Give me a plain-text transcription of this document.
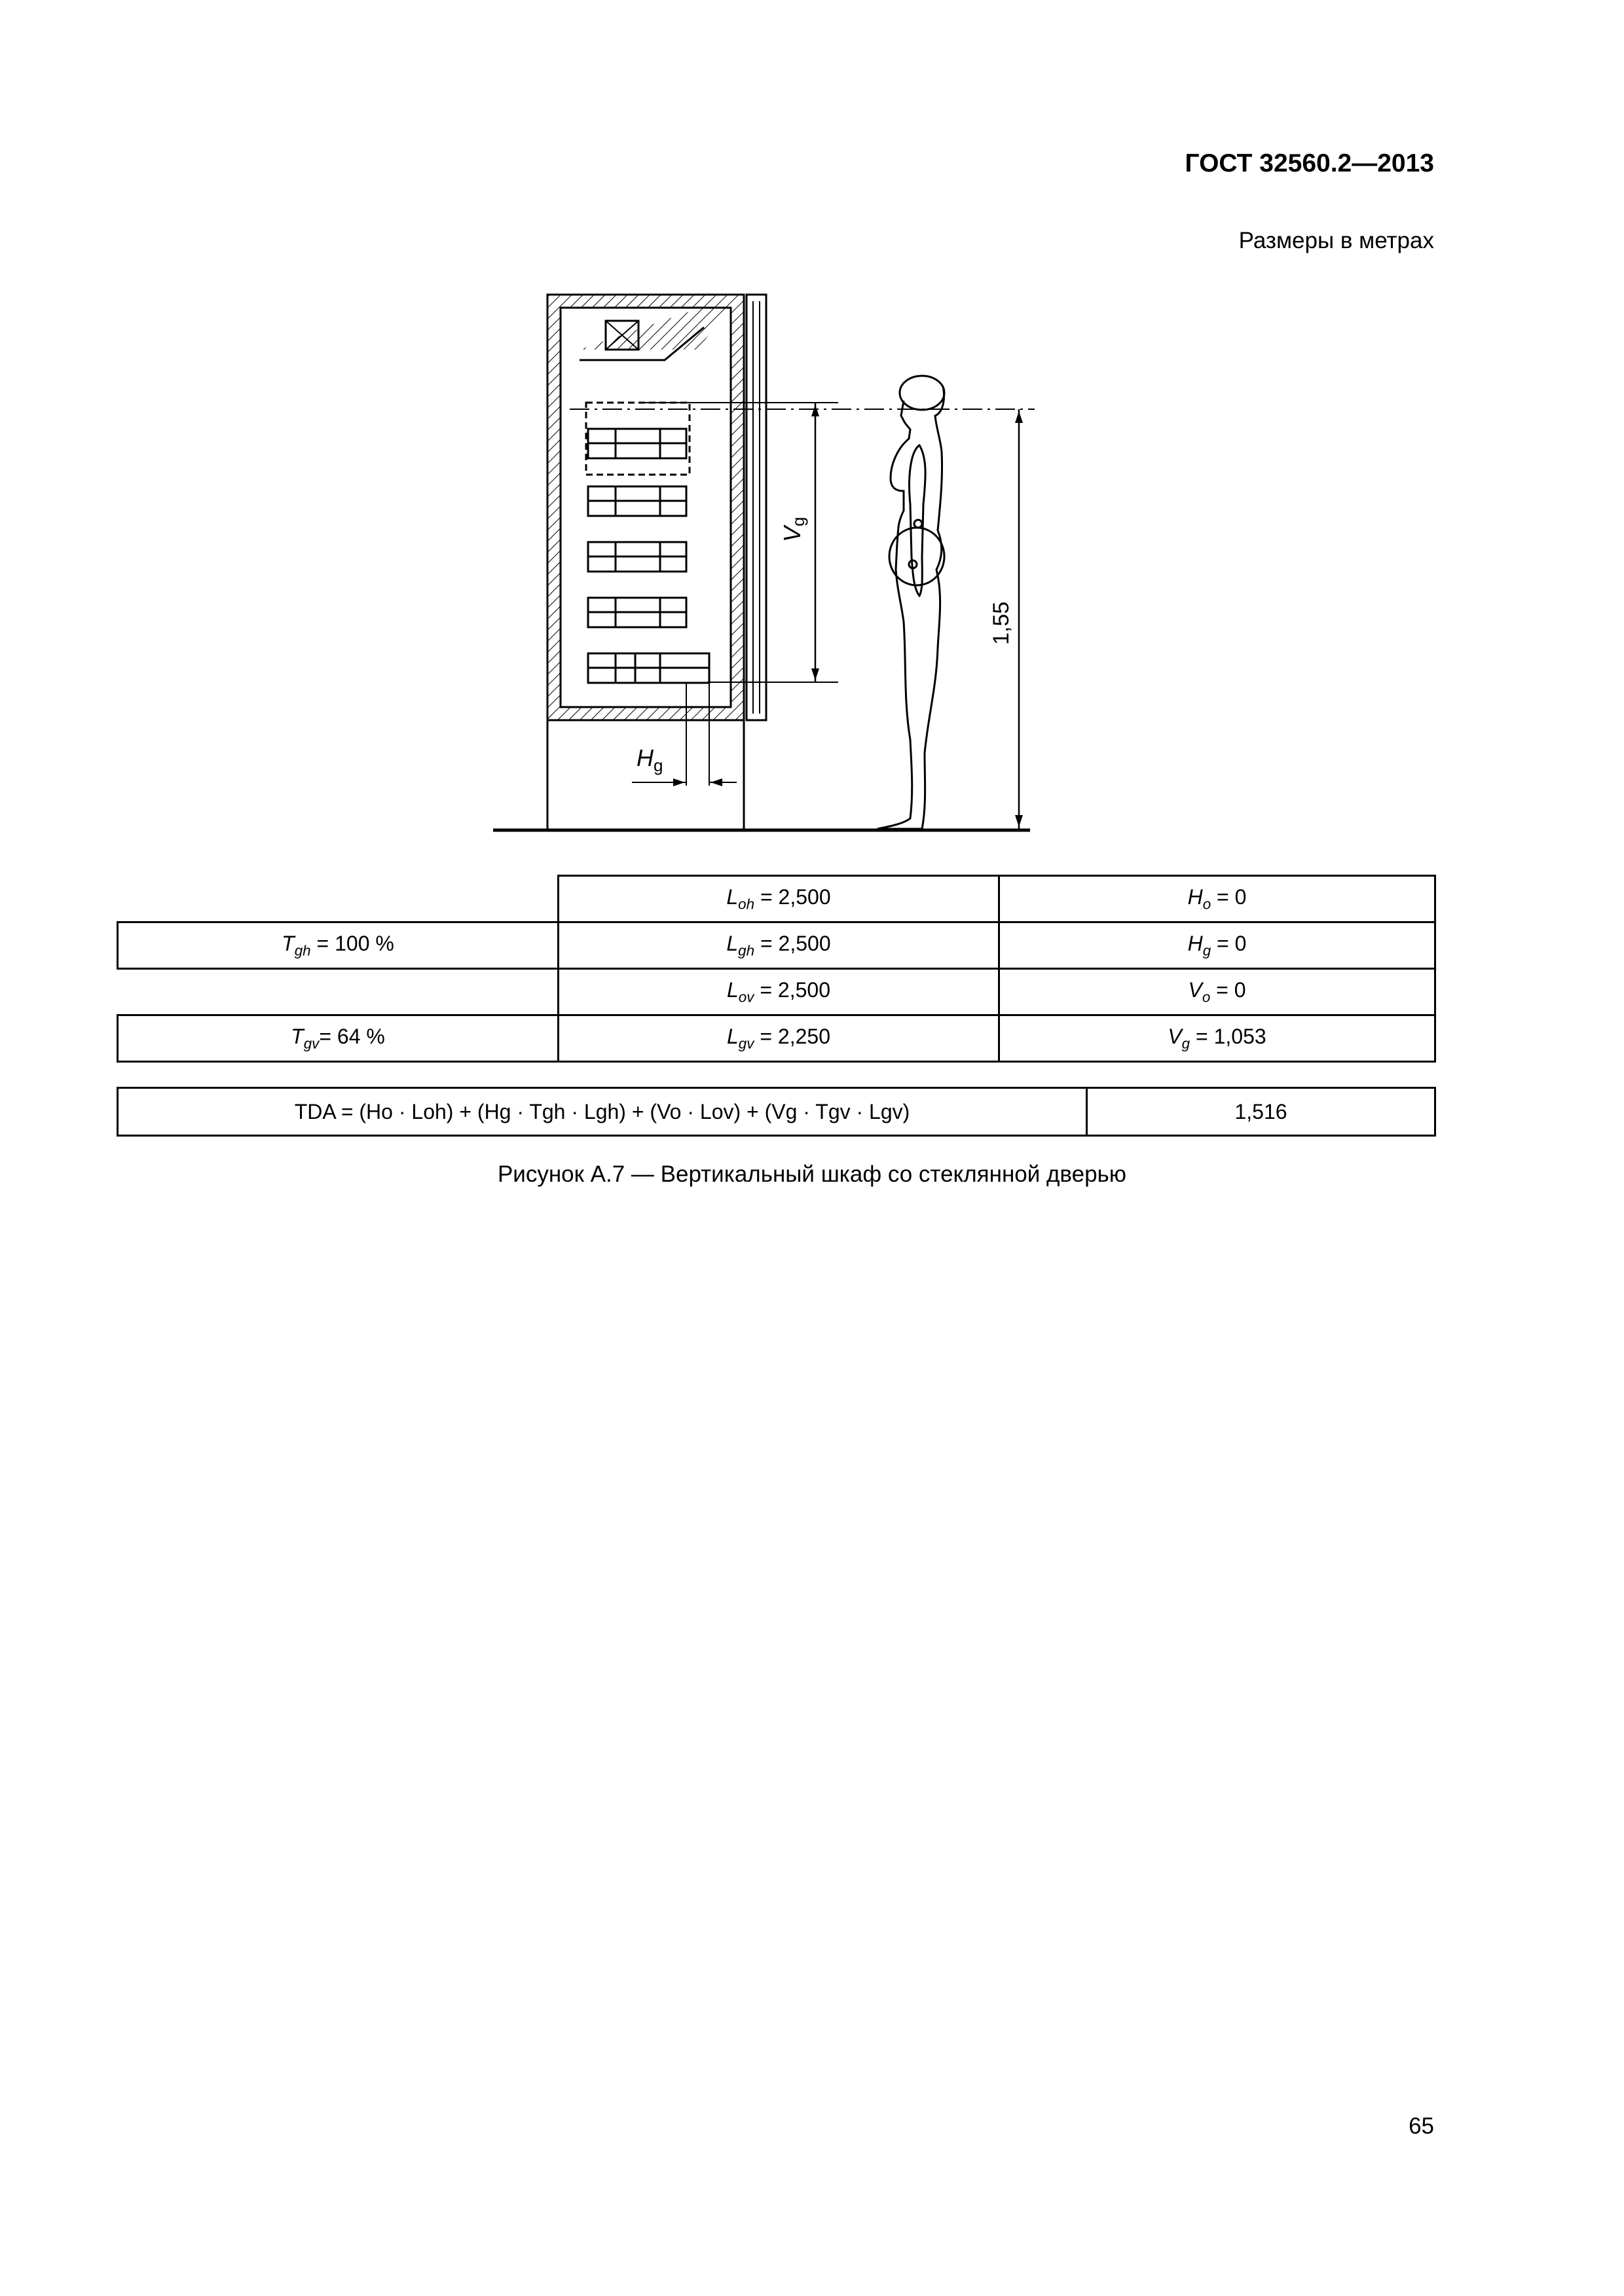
ГОСТ 32560.2—2013
Размеры в метрах
Vg
1,55
$H_g$
	$L_{oh} = 2,500$	$H_o = 0$
$T_{gh} = 100$ %	$L_{gh} = 2,500$	$H_g = 0$
	$L_{ov} = 2,500$	$V_o = 0$
$T_{gv}= 64$ %	$L_{gv} = 2,250$	$V_g = 1,053$
TDA = (Ho · Loh) + (Hg · Tgh · Lgh) + (Vo · Lov) + (Vg · Tgv · Lgv)	1,516
Рисунок А.7 — Вертикальный шкаф со стеклянной дверью
65
